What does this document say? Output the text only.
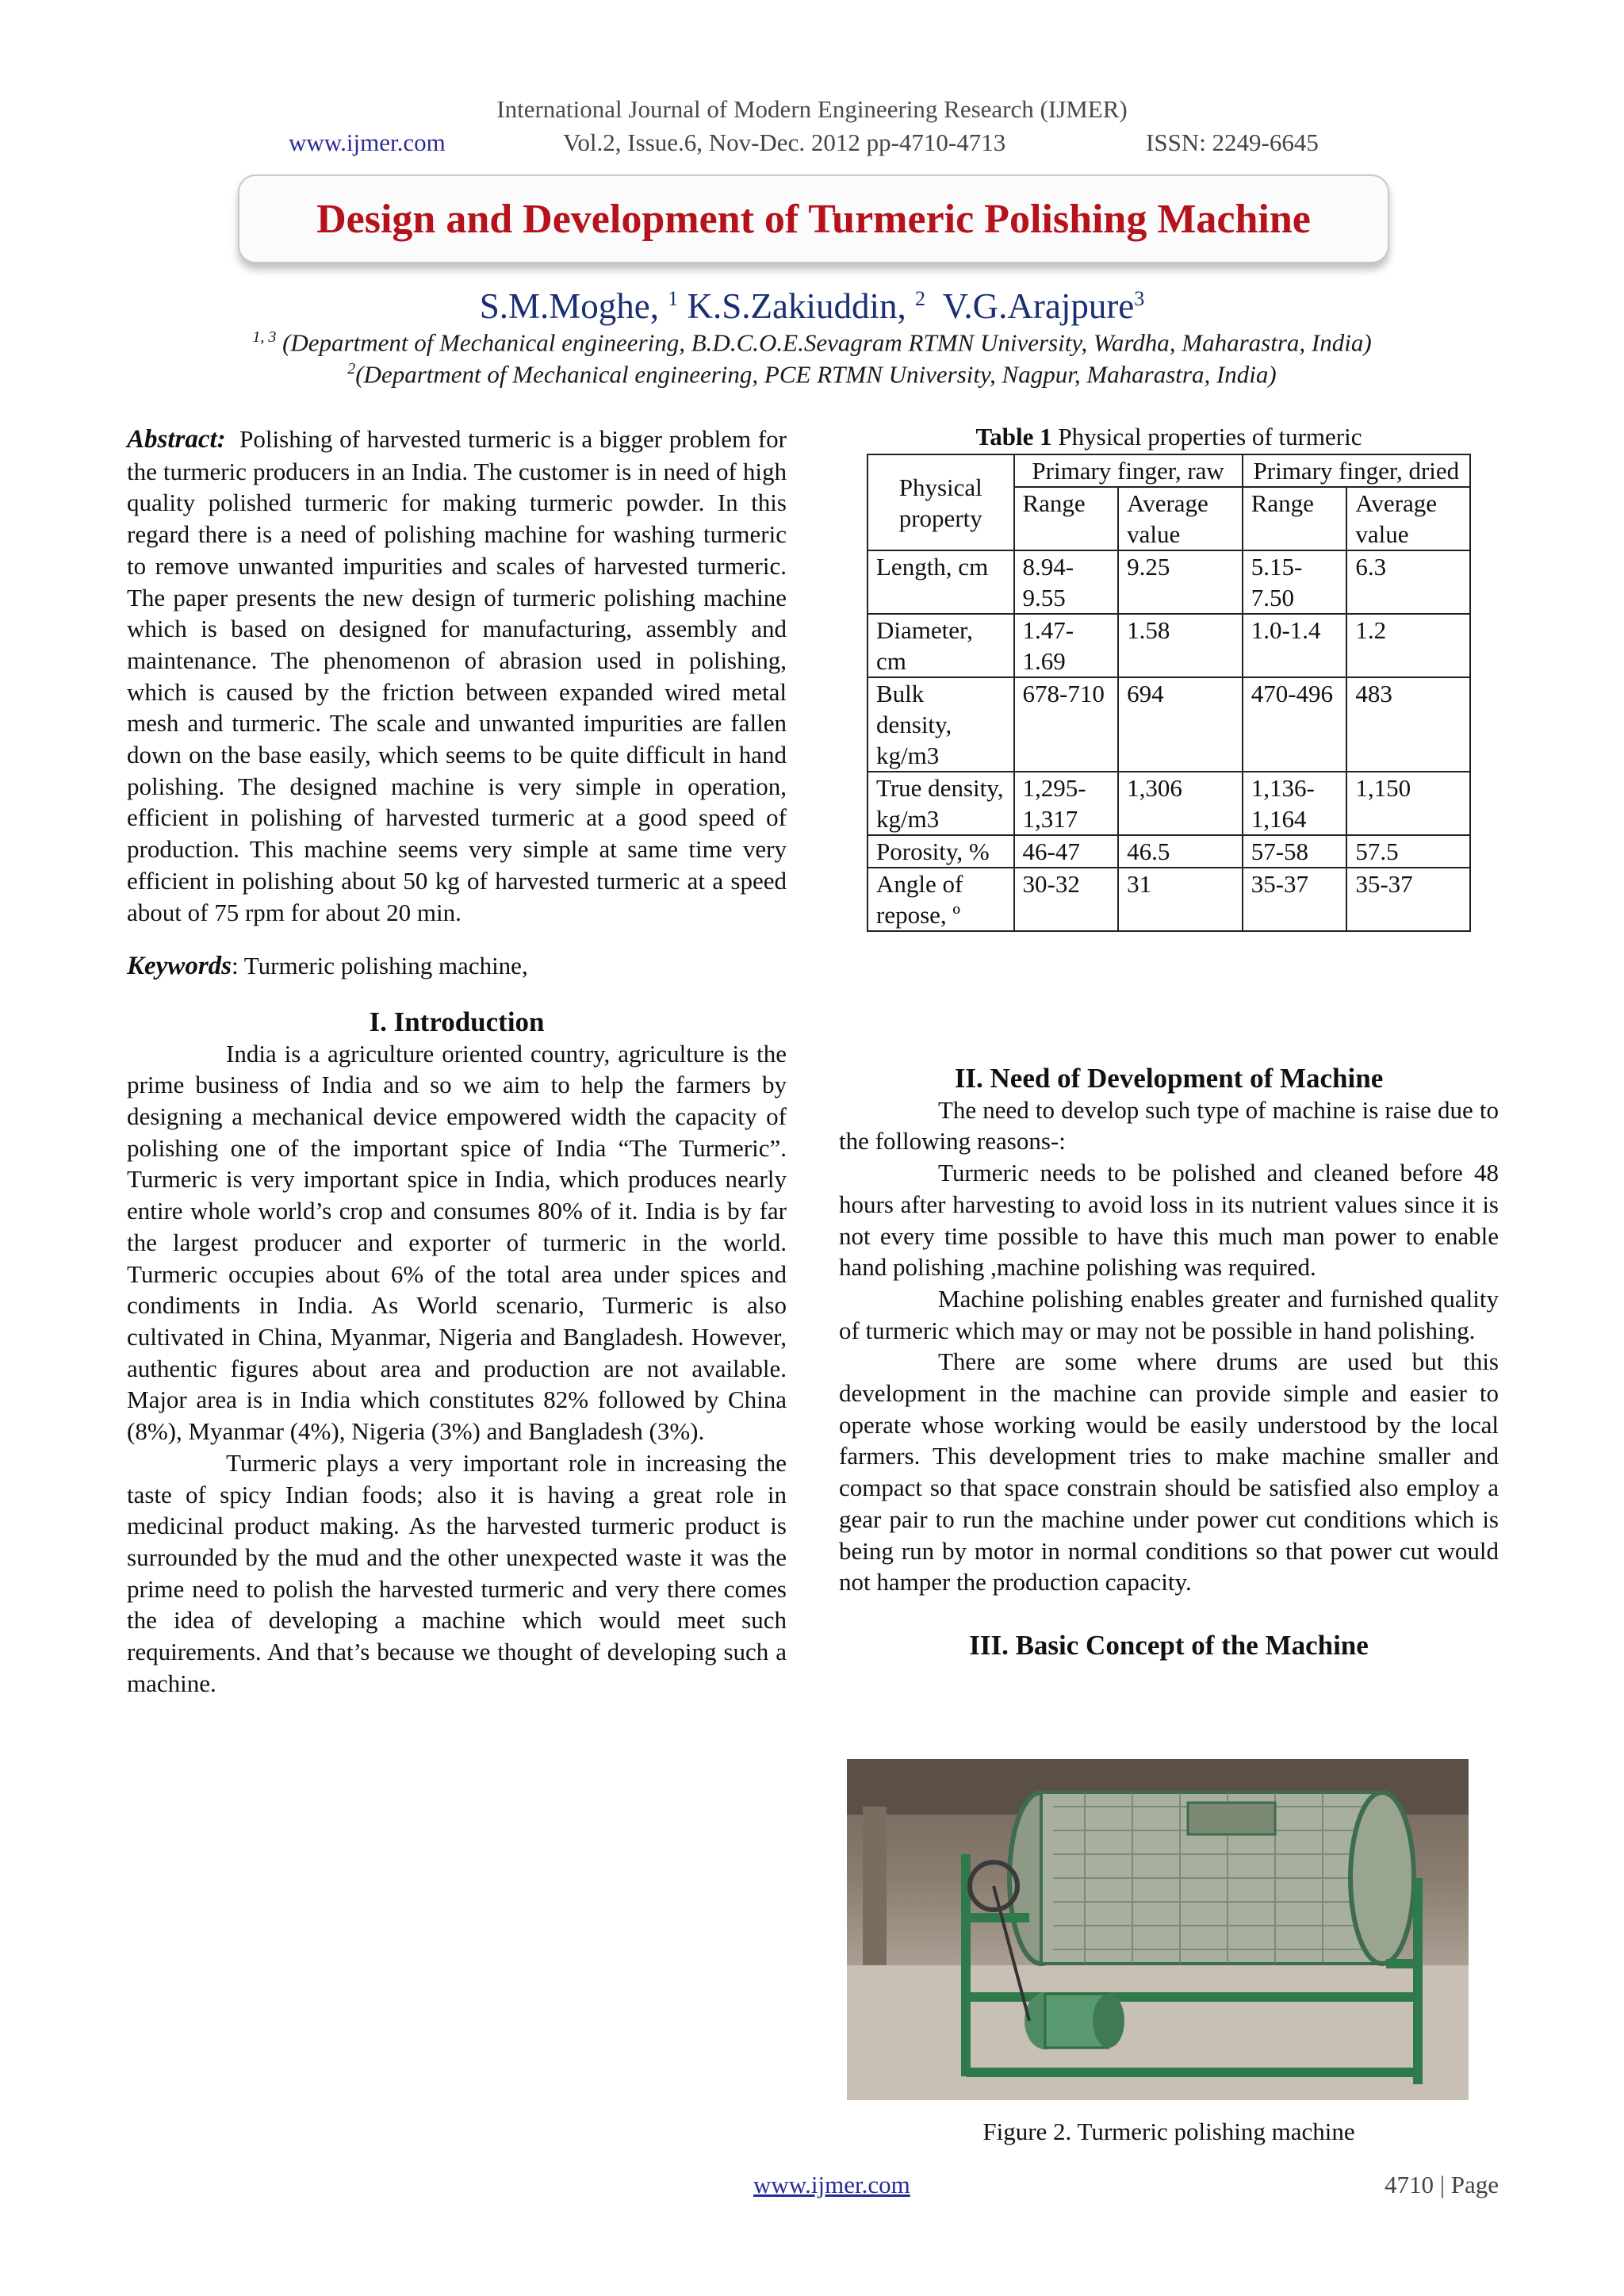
International Journal of Modern Engineering Research (IJMER)
www.ijmer.com	Vol.2, Issue.6, Nov-Dec. 2012 pp-4710-4713	ISSN: 2249-6645
Design and Development of Turmeric Polishing Machine
S.M.Moghe, $^1$ K.S.Zakiuddin, $^2$ V.G.Arajpure$^3$
$^{1, 3}$ (Department of Mechanical engineering, B.D.C.O.E.Sevagram RTMN University, Wardha, Maharastra, India)
$^2$(Department of Mechanical engineering, PCE RTMN University, Nagpur, Maharastra, India)

Abstract: Polishing of harvested turmeric is a bigger problem for the turmeric producers in an India. The customer is in need of high quality polished turmeric for making turmeric powder. In this regard there is a need of polishing machine for washing turmeric to remove unwanted impurities and scales of harvested turmeric. The paper presents the new design of turmeric polishing machine which is based on designed for manufacturing, assembly and maintenance. The phenomenon of abrasion used in polishing, which is caused by the friction between expanded wired metal mesh and turmeric. The scale and unwanted impurities are fallen down on the base easily, which seems to be quite difficult in hand polishing. The designed machine is very simple in operation, efficient in polishing of harvested turmeric at a good speed of production. This machine seems very simple at same time very efficient in polishing about 50 kg of harvested turmeric at a speed about of 75 rpm for about 20 min.

Keywords: Turmeric polishing machine,

I. Introduction

India is a agriculture oriented country, agriculture is the prime business of India and so we aim to help the farmers by designing a mechanical device empowered width the capacity of polishing one of the important spice of India “The Turmeric”. Turmeric is very important spice in India, which produces nearly entire whole world’s crop and consumes 80% of it. India is by far the largest producer and exporter of turmeric in the world. Turmeric occupies about 6% of the total area under spices and condiments in India. As World scenario, Turmeric is also cultivated in China, Myanmar, Nigeria and Bangladesh. However, authentic figures about area and production are not available. Major area is in India which constitutes 82% followed by China (8%), Myanmar (4%), Nigeria (3%) and Bangladesh (3%).

Turmeric plays a very important role in increasing the taste of spicy Indian foods; also it is having a great role in medicinal product making. As the harvested turmeric product is surrounded by the mud and the other unexpected waste it was the prime need to polish the harvested turmeric and very there comes the idea of developing a machine which would meet such requirements. And that’s because we thought of developing such a machine.

Table 1 Physical properties of turmeric
Physical property	Primary finger, raw		Primary finger, dried	
	Range	Average value	Range	Average value
Length, cm	8.94-9.55	9.25	5.15-7.50	6.3
Diameter, cm	1.47-1.69	1.58	1.0-1.4	1.2
Bulk density, kg/m3	678-710	694	470-496	483
True density, kg/m3	1,295-1,317	1,306	1,136-1,164	1,150
Porosity, %	46-47	46.5	57-58	57.5
Angle of repose, º	30-32	31	35-37	35-37

II. Need of Development of Machine

The need to develop such type of machine is raise due to the following reasons-:

Turmeric needs to be polished and cleaned before 48 hours after harvesting to avoid loss in its nutrient values since it is not every time possible to have this much man power to enable hand polishing ,machine polishing was required.

Machine polishing enables greater and furnished quality of turmeric which may or may not be possible in hand polishing.

There are some where drums are used but this development in the machine can provide simple and easier to operate whose working would be easily understood by the local farmers. This development tries to make machine smaller and compact so that space constrain should be satisfied also employ a gear pair to run the machine under power cut conditions which is being run by motor in normal conditions so that power cut would not hamper the production capacity.

III. Basic Concept of the Machine

Figure 2. Turmeric polishing machine
www.ijmer.com	4710 | Page
